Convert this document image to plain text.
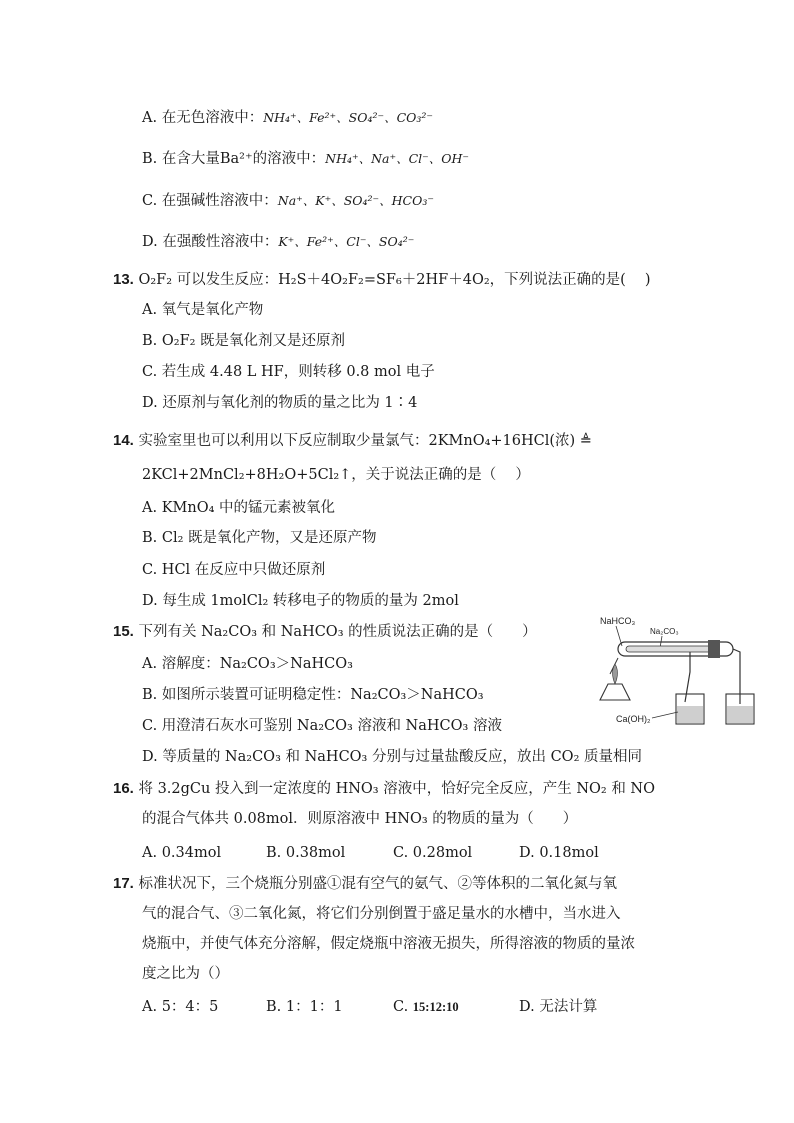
A. 在无色溶液中：NH₄⁺、Fe²⁺、SO₄²⁻、CO₃²⁻
B. 在含大量Ba²⁺的溶液中：NH₄⁺、Na⁺、Cl⁻、OH⁻
C. 在强碱性溶液中：Na⁺、K⁺、SO₄²⁻、HCO₃⁻
D. 在强酸性溶液中：K⁺、Fe²⁺、Cl⁻、SO₄²⁻
13. O₂F₂ 可以发生反应：H₂S＋4O₂F₂=SF₆＋2HF＋4O₂，下列说法正确的是(　 )
A. 氧气是氧化产物
B. O₂F₂ 既是氧化剂又是还原剂
C. 若生成 4.48 L HF，则转移 0.8 mol 电子
D. 还原剂与氧化剂的物质的量之比为 1∶4
14. 实验室里也可以利用以下反应制取少量氯气：2KMnO₄+16HCl(浓) ≜
2KCl+2MnCl₂+8H₂O+5Cl₂↑，关于说法正确的是（　 ）
A. KMnO₄ 中的锰元素被氧化
B. Cl₂ 既是氧化产物，又是还原产物
C. HCl 在反应中只做还原剂
D. 每生成 1molCl₂ 转移电子的物质的量为 2mol
15. 下列有关 Na₂CO₃ 和 NaHCO₃ 的性质说法正确的是（　　）
A. 溶解度：Na₂CO₃＞NaHCO₃
B. 如图所示装置可证明稳定性：Na₂CO₃＞NaHCO₃
C. 用澄清石灰水可鉴别 Na₂CO₃ 溶液和 NaHCO₃ 溶液
D. 等质量的 Na₂CO₃ 和 NaHCO₃ 分别与过量盐酸反应，放出 CO₂ 质量相同
NaHCO₃
Na₂CO₃
Ca(OH)₂
16. 将 3.2gCu 投入到一定浓度的 HNO₃ 溶液中，恰好完全反应，产生 NO₂ 和 NO
的混合气体共 0.08mol．则原溶液中 HNO₃ 的物质的量为（　　）
A. 0.34mol	B. 0.38mol	C. 0.28mol	D. 0.18mol
17. 标准状况下，三个烧瓶分别盛①混有空气的氨气、②等体积的二氧化氮与氧
气的混合气、③二氧化氮，将它们分别倒置于盛足量水的水槽中，当水进入
烧瓶中，并使气体充分溶解，假定烧瓶中溶液无损失，所得溶液的物质的量浓
度之比为（）
A. 5：4：5	B. 1：1：1	C. 15:12:10	D. 无法计算
